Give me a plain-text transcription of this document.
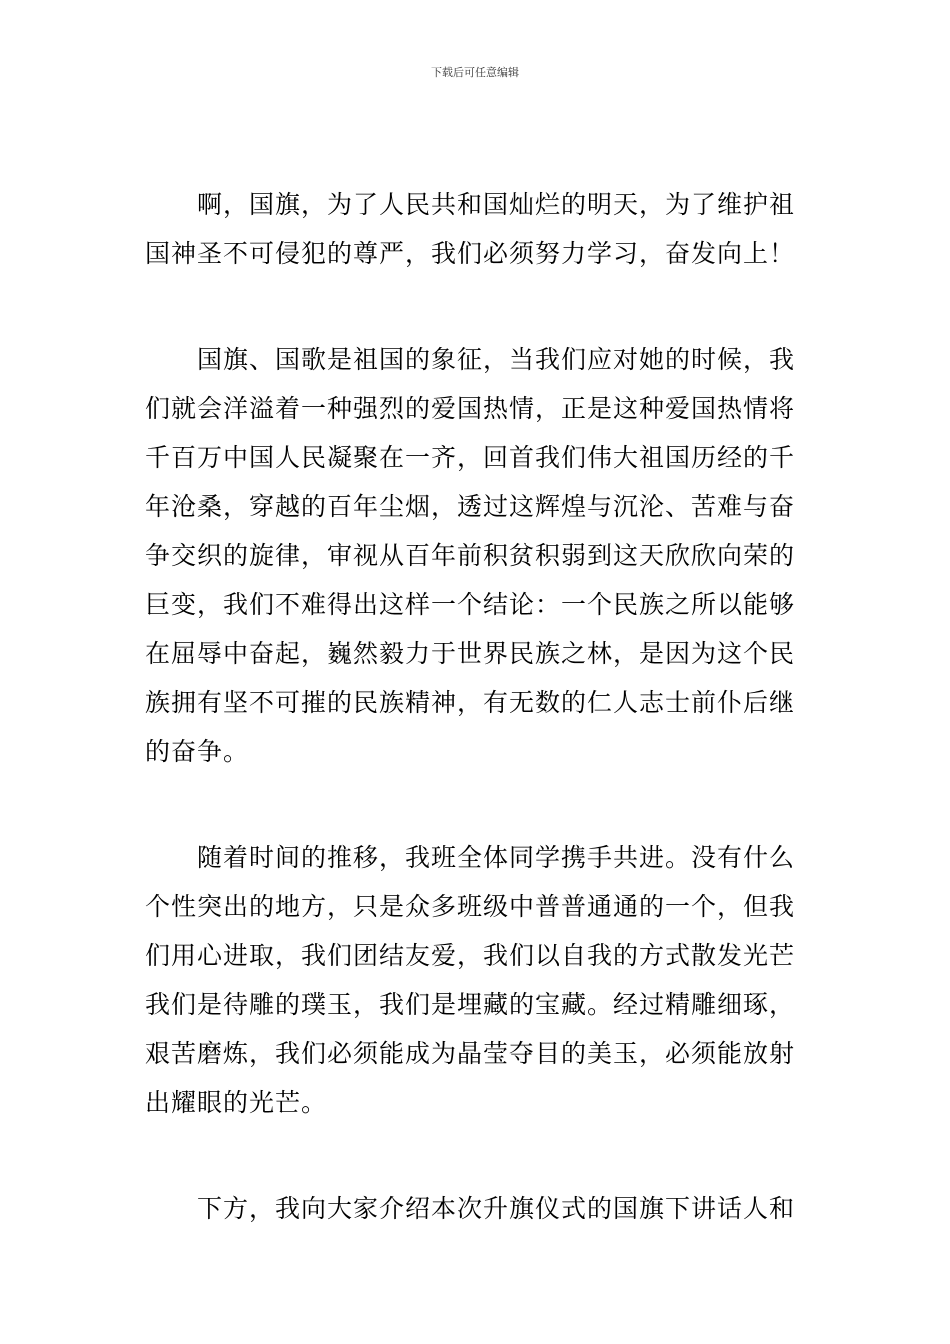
下载后可任意编辑
啊，国旗，为了人民共和国灿烂的明天，为了维护祖
国神圣不可侵犯的尊严，我们必须努力学习，奋发向上！
国旗、国歌是祖国的象征，当我们应对她的时候，我
们就会洋溢着一种强烈的爱国热情，正是这种爱国热情将
千百万中国人民凝聚在一齐，回首我们伟大祖国历经的千
年沧桑，穿越的百年尘烟，透过这辉煌与沉沦、苦难与奋
争交织的旋律，审视从百年前积贫积弱到这天欣欣向荣的
巨变，我们不难得出这样一个结论：一个民族之所以能够
在屈辱中奋起，巍然毅力于世界民族之林，是因为这个民
族拥有坚不可摧的民族精神，有无数的仁人志士前仆后继
的奋争。
随着时间的推移，我班全体同学携手共进。没有什么
个性突出的地方，只是众多班级中普普通通的一个，但我
们用心进取，我们团结友爱，我们以自我的方式散发光芒
我们是待雕的璞玉，我们是埋藏的宝藏。经过精雕细琢，
艰苦磨炼，我们必须能成为晶莹夺目的美玉，必须能放射
出耀眼的光芒。
下方，我向大家介绍本次升旗仪式的国旗下讲话人和
